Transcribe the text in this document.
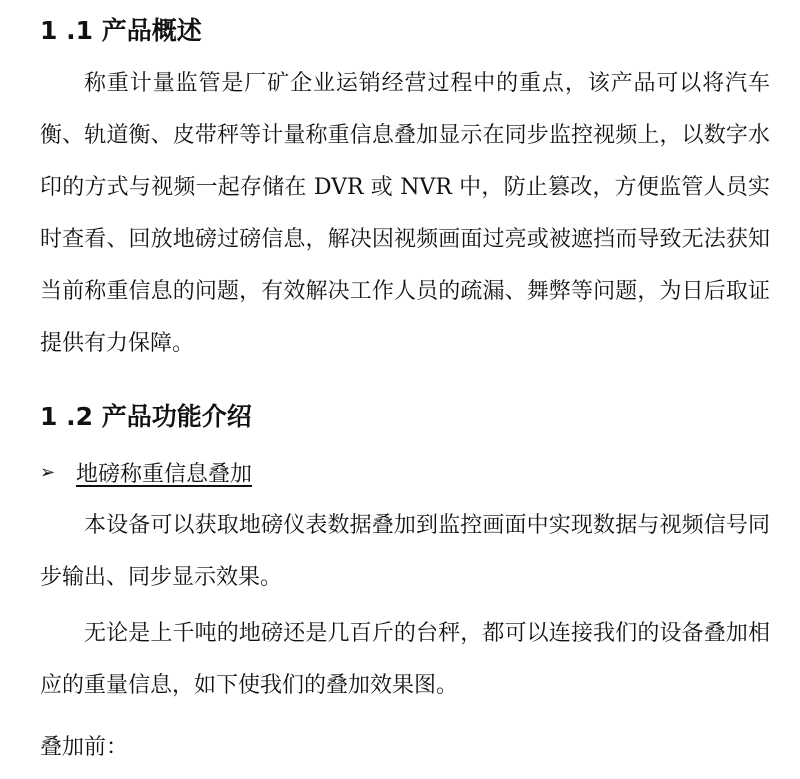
1 .1 产品概述

称重计量监管是厂矿企业运销经营过程中的重点，该产品可以将汽车衡、轨道衡、皮带秤等计量称重信息叠加显示在同步监控视频上，以数字水印的方式与视频一起存储在 DVR 或 NVR 中，防止篡改，方便监管人员实时查看、回放地磅过磅信息，解决因视频画面过亮或被遮挡而导致无法获知当前称重信息的问题，有效解决工作人员的疏漏、舞弊等问题，为日后取证提供有力保障。

1 .2 产品功能介绍
➢ 地磅称重信息叠加

本设备可以获取地磅仪表数据叠加到监控画面中实现数据与视频信号同步输出、同步显示效果。

无论是上千吨的地磅还是几百斤的台秤，都可以连接我们的设备叠加相应的重量信息，如下使我们的叠加效果图。

叠加前：
